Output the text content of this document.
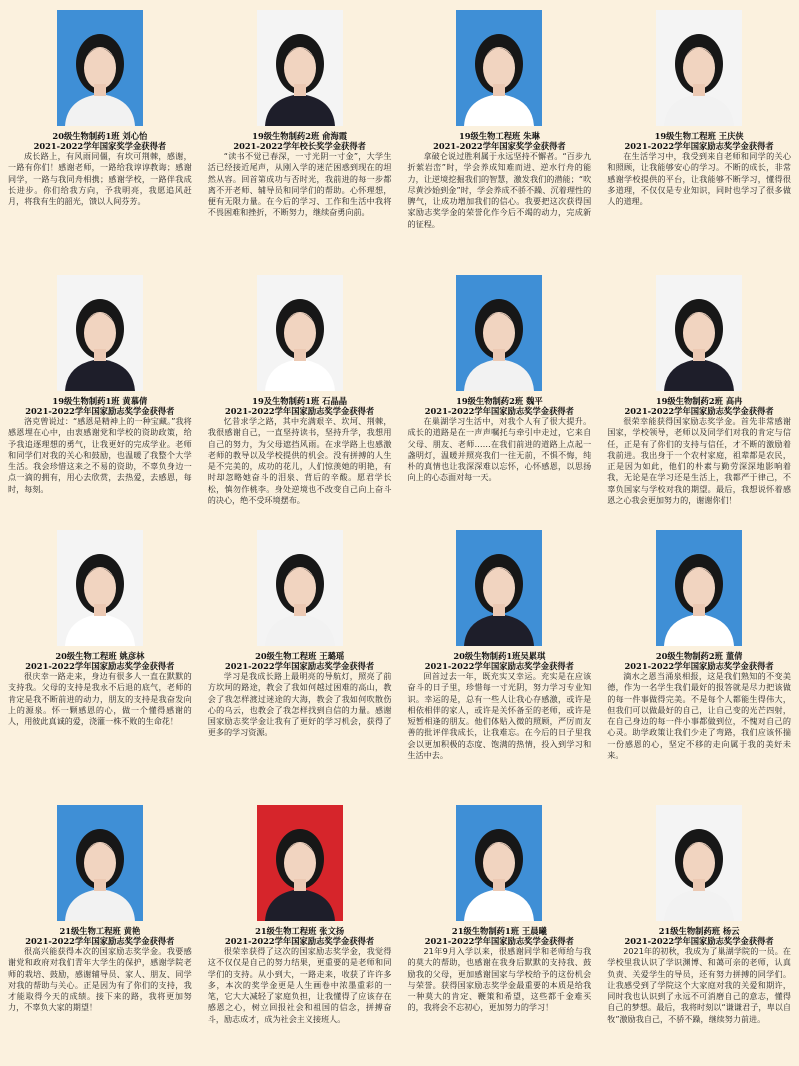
20级生物制药1班 刘心怡
2021-2022学年国家奖学金获得者
成长路上，有风雨同僵，有坎可荆棘，感谢，一路有你们！感谢老师，一路给我谆谆教诲；感谢同学，一路与我同舟相携；感谢学校，一路伴我成长进步。你们给我方向，予我明亮，我愿追风赶月，将我有生的韶光，馈以人间芬芳。
19级生物制药2班 俞海霞
2021-2022学年校长奖学金获得者
“读书不觉已春深，一寸光阴一寸金”，大学生活已经接近尾声，从刚入学的迷茫困惑到现在的坦然从容。回首第成功与否时光，我前进的每一步都离不开老师、辅导员和同学们的帮助。心怀理想，便有无限力量。在今后的学习、工作和生活中我将不畏困难和挫折，不断努力，继续奋勇向前。
19级生物工程班 朱琳
2021-2022学年国家奖学金获得者
拿破仑说过胜利属于永远坚持不懈者。“百步九折萦岩峦”时，学会养成知难而进、逆水行舟的能力，让逆境挖掘我们的智慧，激发我们的潜能；“吹尽黄沙始到金”时，学会养成不骄不躁、沉着理性的脾气，让成功增加我们的信心。我要把这次获得国家励志奖学金的荣誉化作今后不竭的动力，完成新的征程。
19级生物工程班 王庆侠
2021-2022学年国家励志奖学金获得者
在生活学习中，我受到来自老师和同学的关心和照顾，让我能够安心的学习。不断的成长，非常感谢学校提供的平台，让我能够不断学习，懂得很多道理，不仅仅是专业知识，同时也学习了很多做人的道理。
19级生物制药1班 黄慕倩
2021-2022学年国家励志奖学金获得者
洛克曾说过：“感恩是精神上的一种宝藏。”我将感恩埋在心中，由衷感谢党和学校的资助政策，给予我追逐理想的勇气，让我更好的完成学业。老师和同学们对我的关心和鼓励，也温暖了我整个大学生活。我会珍惜这来之不易的资助，不辜负身边一点一滴的拥有，用心去欣赏，去热爱，去感恩，每时，每刻。
19及生物制药1班 石晶晶
2021-2022学年国家励志奖学金获得者
忆昔求学之路，其中充满艰辛、坎坷、荆棘，我很感谢自己，一直坚持读书，坚持升学，我想用自己的努力，为父母遮挡风雨。在求学路上也感激老师的教导以及学校提供的机会。没有拼搏的人生是不完美的，成功的花儿，人们惊羡她的明艳，有时却忽略她奋斗的泪泉、背后的辛酸。愿君学长松，慎勿作桃李。身处逆境也不改变自己向上奋斗的决心，绝不受环境摆布。
19级生物制药2班 魏平
2021-2022学年国家励志奖学金获得者
在巢湖学习生活中，对我个人有了很大提升。成长的道路是在一声声嘱托与牵引中走过，它来自父母、朋友、老师……在我们前进的道路上点起一盏明灯，温暖并照亮我们一往无前，不惧不悔，纯朴的真情也让我深深难以忘怀，心怀感恩，以思扬向上的心态面对每一天。
19级生物制药2班 高冉
2021-2022学年国家励志奖学金获得者
很荣幸能获得国家励志奖学金。首先非常感谢国家，学校领导，老师以及同学们对我的肯定与信任，正是有了你们的支持与信任，才不断的激励着我前进。我出身于一个农村家庭，祖辈都是农民，正是因为如此，他们的朴素与勤劳深深地影响着我，无论是在学习还是生活上，我都严于律己，不辜负国家与学校对我的期望。最后，我想说怀着感恩之心我会更加努力的，谢谢你们！
20级生物工程班 姚彦林
2021-2022学年国家励志奖学金获得者
很庆幸一路走来，身边有很多人一直在默默的支持我。父母的支持是我永不后退的底气，老师的肯定是我不断前进的动力，朋友的支持是我奋发向上的源泉。怀一颗感恩的心，做一个懂得感谢的人，用彼此真诚的爱，浇灌一株不败的生命花！
20级生物工程班 王璐瑶
2021-2022学年国家励志奖学金获得者
学习是我成长路上最明亮的导航灯，照亮了前方坎坷的路途，教会了我如何越过困难的高山，教会了我怎样渡过迷途的大海，教会了我如何吹散伤心的乌云，也教会了我怎样找到自信的力量。感谢国家励志奖学金让我有了更好的学习机会，获得了更多的学习资源。
20级生物制药1班吴累琪
2021-2022学年国家励志奖学金获得者
回首过去一年，既充实又幸运。充实是在应该奋斗的日子里，珍惜每一寸光阴，努力学习专业知识。幸运的是，总有一些人让我心存感激，或许是相依相伴的家人，或许是关怀备至的老师，或许是短暂相逢的朋友。他们体贴入微的照顾，严厉而友善的批评伴我成长，让我难忘。在今后的日子里我会以更加积极的态度、饱满的热情，投入到学习和生活中去。
20级生物制药2班 董倩
2021-2022学年国家励志奖学金获得者
滴水之恩当涌泉相报，这是我们熟知的不变美德，作为一名学生我们最好的报答就是尽力把该做的每一件事做得完美。不是每个人都能生得伟大，但我们可以做最好的自己，让自己变的光芒四射，在自己身边的每一件小事都做到位，不愧对自己的心灵。助学政策让我们少走了弯路，我们应该怀揣一份感恩的心，坚定不移的走向属于我的美好未来。
21级生物工程班 黄艳
2021-2022学年国家励志奖学金获得者
很高兴能获得本次的国家励志奖学金。我要感谢党和政府对我们青年大学生的保护，感谢学院老师的栽培、鼓励，感谢辅导员、家人、朋友、同学对我的帮助与关心。正是因为有了你们的支持，我才能取得今天的成绩。接下来的路，我将更加努力，不辜负大家的期望！
21级生物工程班 张文扬
2021-2022学年国家励志奖学金获得者
很荣幸获得了这次的国家励志奖学金，我觉得这不仅仅是自己的努力结果，更重要的是老师和同学们的支持。从小到大，一路走来，收获了许许多多，本次的奖学金更是人生画卷中浓墨重彩的一笔，它大大减轻了家庭负担，让我懂得了应该存在感恩之心，树立回报社会和祖国的信念，拼搏奋斗，励志成才，成为社会主义接班人。
21级生物制药1班 王晨曦
2021-2022学年国家励志奖学金获得者
21年9月入学以来，很感谢同学和老师给与我的莫大的帮助，也感谢在我身后默默的支持我、鼓励我的父母，更加感谢国家与学校给予的这份机会与荣誉。获得国家励志奖学金最重要的本质是给我一种莫大的肯定、鞭策和希望，这些都千金难买的，我将会不忘初心，更加努力的学习！
21级生物制药班 杨云
2021-2022学年国家励志奖学金获得者
2021年的初秋，我成为了巢湖学院的一员。在学校里我认识了学识渊博、和蔼可亲的老师，认真负责、关爱学生的导员，还有努力拼搏的同学们。让我感受到了学院这个大家庭对我的关爱和期许，同时我也认识到了永远不可消磨自己的意志，懂得自己的梦想。最后，我将时刻以“谦谦君子，卑以自牧”激励我自己，不骄不躁，继续努力前进。
